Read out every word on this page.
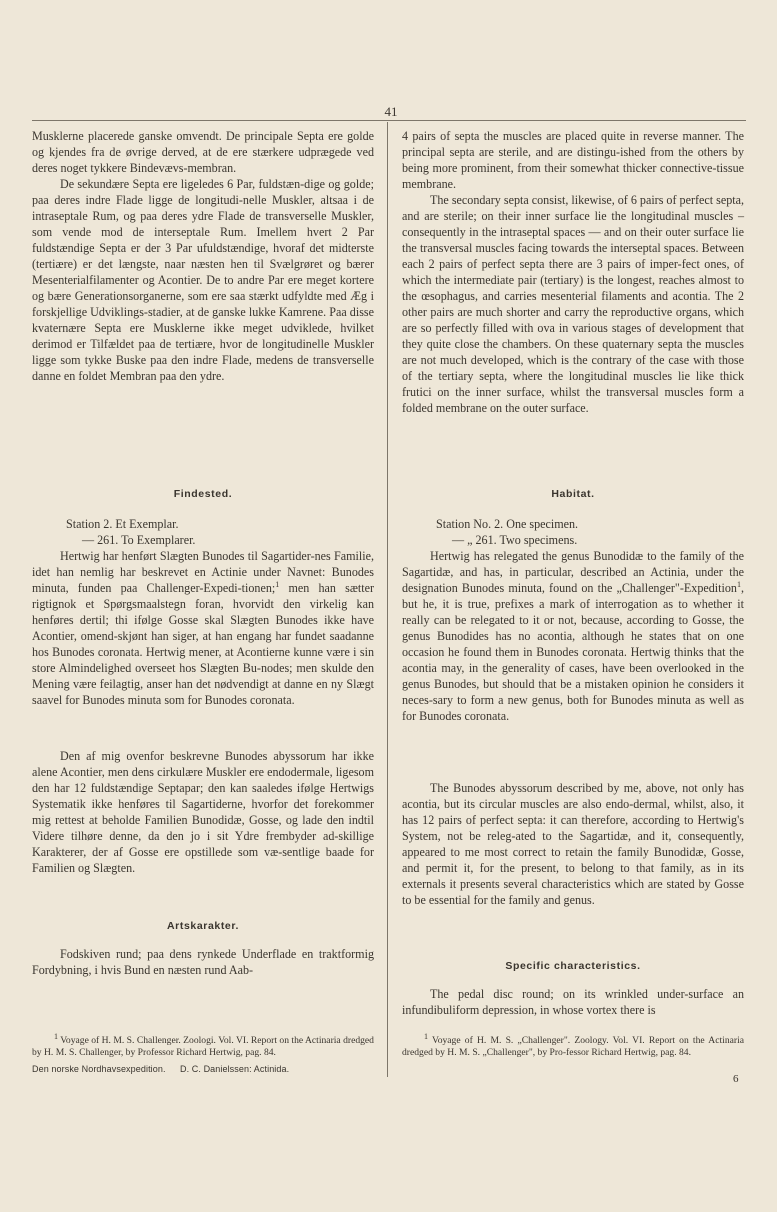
41

Musklerne placerede ganske omvendt. De principale Septa ere golde og kjendes fra de øvrige derved, at de ere stærkere udprægede ved deres noget tykkere Bindevævs-membran.

De sekundære Septa ere ligeledes 6 Par, fuldstæn-dige og golde; paa deres indre Flade ligge de longitudi-nelle Muskler, altsaa i de intraseptale Rum, og paa deres ydre Flade de transverselle Muskler, som vende mod de interseptale Rum. Imellem hvert 2 Par fuldstændige Septa er der 3 Par ufuldstændige, hvoraf det midterste (tertiære) er det længste, naar næsten hen til Svælgrøret og bærer Mesenterialfilamenter og Acontier. De to andre Par ere meget kortere og bære Generationsorganerne, som ere saa stærkt udfyldte med Æg i forskjellige Udviklings-stadier, at de ganske lukke Kamrene. Paa disse kvaternære Septa ere Musklerne ikke meget udviklede, hvilket derimod er Tilfældet paa de tertiære, hvor de longitudinelle Muskler ligge som tykke Buske paa den indre Flade, medens de transverselle danne en foldet Membran paa den ydre.

Findested.

Station 2. Et Exemplar.

— 261. To Exemplarer.

Hertwig har henført Slægten Bunodes til Sagartider-nes Familie, idet han nemlig har beskrevet en Actinie under Navnet: Bunodes minuta, funden paa Challenger-Expedi-tionen;$^1$ men han sætter rigtignok et Spørgsmaalstegn foran, hvorvidt den virkelig kan henføres dertil; thi ifølge Gosse skal Slægten Bunodes ikke have Acontier, omend-skjønt han siger, at han engang har fundet saadanne hos Bunodes coronata. Hertwig mener, at Acontierne kunne være i sin store Almindelighed overseet hos Slægten Bu-nodes; men skulde den Mening være feilagtig, anser han det nødvendigt at danne en ny Slægt saavel for Bunodes minuta som for Bunodes coronata.

Den af mig ovenfor beskrevne Bunodes abyssorum har ikke alene Acontier, men dens cirkulære Muskler ere endodermale, ligesom den har 12 fuldstændige Septapar; den kan saaledes ifølge Hertwigs Systematik ikke henføres til Sagartiderne, hvorfor det forekommer mig rettest at beholde Familien Bunodidæ, Gosse, og lade den indtil Videre tilhøre denne, da den jo i sit Ydre frembyder ad-skillige Karakterer, der af Gosse ere opstillede som væ-sentlige baade for Familien og Slægten.

Artskarakter.

Fodskiven rund; paa dens rynkede Underflade en traktformig Fordybning, i hvis Bund en næsten rund Aab-

$^1$ Voyage of H. M. S. Challenger. Zoologi. Vol. VI. Report on the Actinaria dredged by H. M. S. Challenger, by Professor Richard Hertwig, pag. 84.

Den norske Nordhavsexpedition. D. C. Danielssen: Actinida.

4 pairs of septa the muscles are placed quite in reverse manner. The principal septa are sterile, and are distingu-ished from the others by being more prominent, from their somewhat thicker connective-tissue membrane.

The secondary septa consist, likewise, of 6 pairs of perfect septa, and are sterile; on their inner surface lie the longitudinal muscles – consequently in the intraseptal spaces — and on their outer surface lie the transversal muscles facing towards the interseptal spaces. Between each 2 pairs of perfect septa there are 3 pairs of imper-fect ones, of which the intermediate pair (tertiary) is the longest, reaches almost to the œsophagus, and carries mesenterial filaments and acontia. The 2 other pairs are much shorter and carry the reproductive organs, which are so perfectly filled with ova in various stages of development that they quite close the chambers. On these quaternary septa the muscles are not much developed, which is the contrary of the case with those of the tertiary septa, where the longitudinal muscles lie like thick frutici on the inner surface, whilst the transversal muscles form a folded membrane on the outer surface.

Habitat.

Station No. 2. One specimen.

— „ 261. Two specimens.

Hertwig has relegated the genus Bunodidæ to the family of the Sagartidæ, and has, in particular, described an Actinia, under the designation Bunodes minuta, found on the „Challenger"-Expedition$^1$, but he, it is true, prefixes a mark of interrogation as to whether it really can be relegated to it or not, because, according to Gosse, the genus Bunodides has no acontia, although he states that on one occasion he found them in Bunodes coronata. Hertwig thinks that the acontia may, in the generality of cases, have been overlooked in the genus Bunodes, but should that be a mistaken opinion he considers it neces-sary to form a new genus, both for Bunodes minuta as well as for Bunodes coronata.

The Bunodes abyssorum described by me, above, not only has acontia, but its circular muscles are also endo-dermal, whilst, also, it has 12 pairs of perfect septa: it can therefore, according to Hertwig's System, not be releg-ated to the Sagartidæ, and it, consequently, appeared to me most correct to retain the family Bunodidæ, Gosse, and permit it, for the present, to belong to that family, as in its externals it presents several characteristics which are stated by Gosse to be essential for the family and genus.

Specific characteristics.

The pedal disc round; on its wrinkled under-surface an infundibuliform depression, in whose vortex there is

$^1$ Voyage of H. M. S. „Challenger". Zoology. Vol. VI. Report on the Actinaria dredged by H. M. S. „Challenger", by Pro-fessor Richard Hertwig, pag. 84.

6
